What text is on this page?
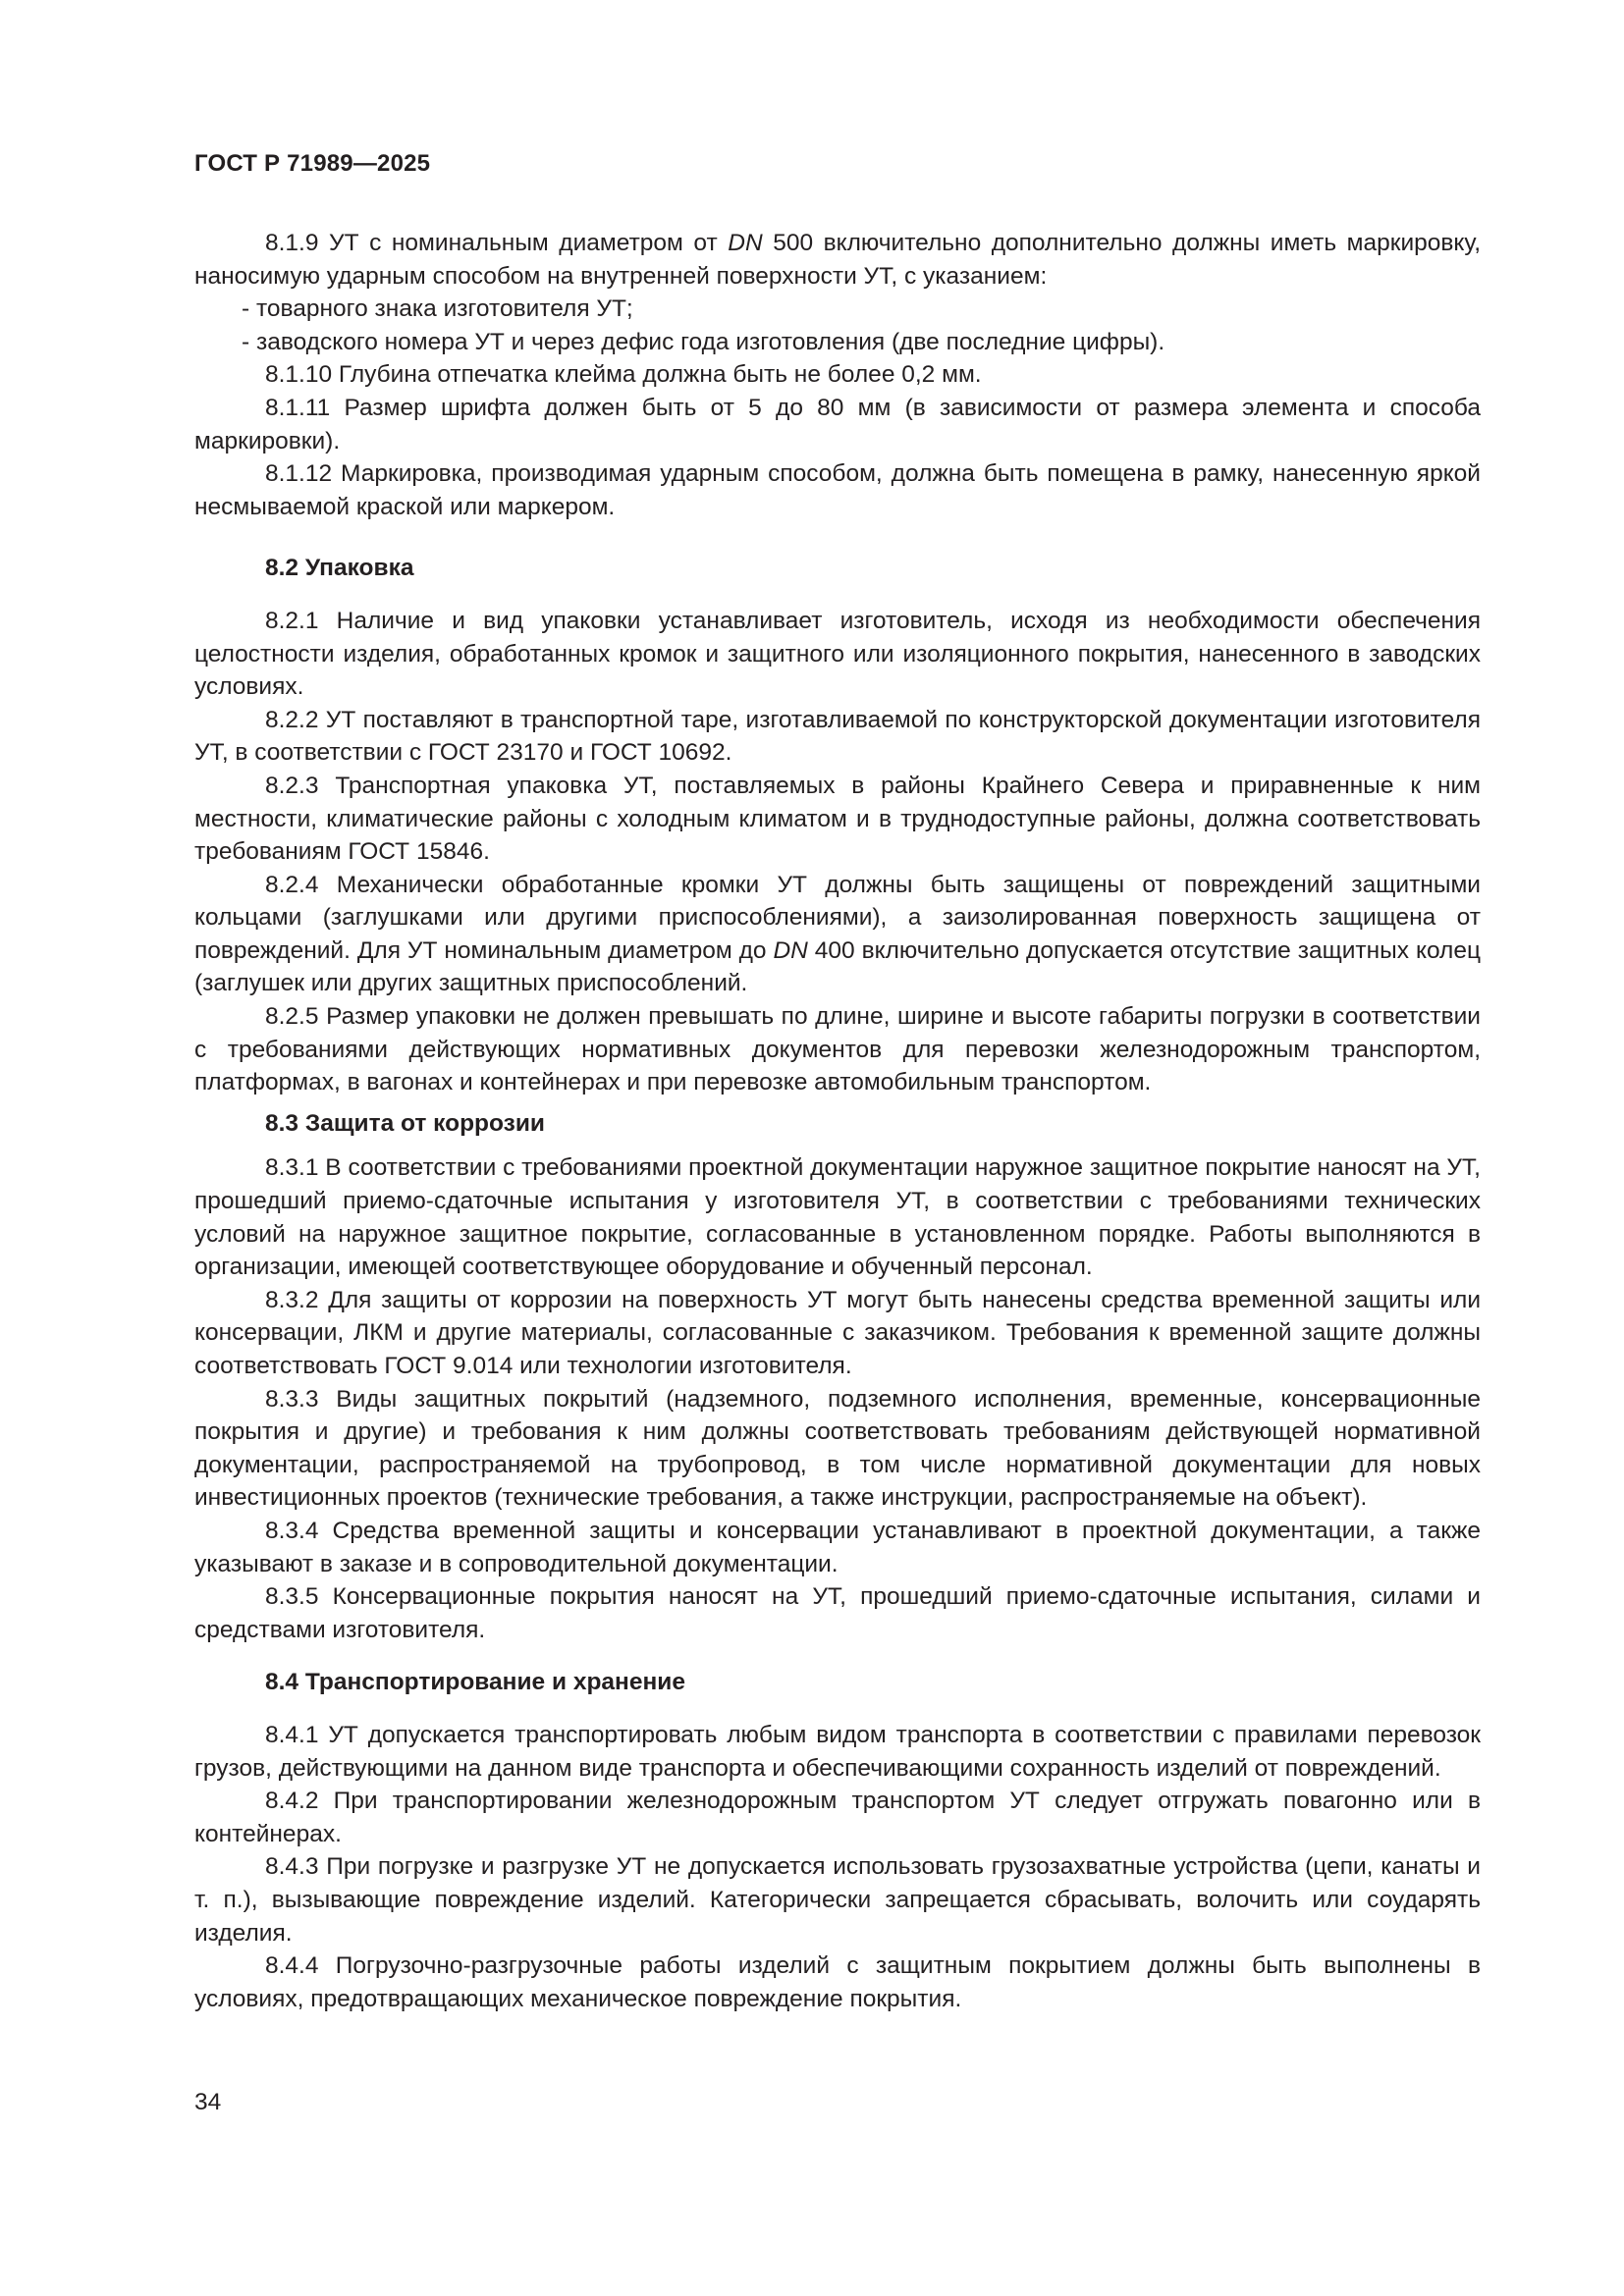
ГОСТ Р 71989—2025
8.1.9 УТ с номинальным диаметром от DN 500 включительно дополнительно должны иметь маркировку, наносимую ударным способом на внутренней поверхности УТ, с указанием:
- товарного знака изготовителя УТ;
- заводского номера УТ и через дефис года изготовления (две последние цифры).
8.1.10 Глубина отпечатка клейма должна быть не более 0,2 мм.
8.1.11 Размер шрифта должен быть от 5 до 80 мм (в зависимости от размера элемента и способа маркировки).
8.1.12 Маркировка, производимая ударным способом, должна быть помещена в рамку, нанесенную яркой несмываемой краской или маркером.
8.2 Упаковка
8.2.1 Наличие и вид упаковки устанавливает изготовитель, исходя из необходимости обеспечения целостности изделия, обработанных кромок и защитного или изоляционного покрытия, нанесенного в заводских условиях.
8.2.2 УТ поставляют в транспортной таре, изготавливаемой по конструкторской документации изготовителя УТ, в соответствии с ГОСТ 23170 и ГОСТ 10692.
8.2.3 Транспортная упаковка УТ, поставляемых в районы Крайнего Севера и приравненные к ним местности, климатические районы с холодным климатом и в труднодоступные районы, должна соответствовать требованиям ГОСТ 15846.
8.2.4 Механически обработанные кромки УТ должны быть защищены от повреждений защитными кольцами (заглушками или другими приспособлениями), а заизолированная поверхность защищена от повреждений. Для УТ номинальным диаметром до DN 400 включительно допускается отсутствие защитных колец (заглушек или других защитных приспособлений.
8.2.5 Размер упаковки не должен превышать по длине, ширине и высоте габариты погрузки в соответствии с требованиями действующих нормативных документов для перевозки железнодорожным транспортом, платформах, в вагонах и контейнерах и при перевозке автомобильным транспортом.
8.3 Защита от коррозии
8.3.1 В соответствии с требованиями проектной документации наружное защитное покрытие наносят на УТ, прошедший приемо-сдаточные испытания у изготовителя УТ, в соответствии с требованиями технических условий на наружное защитное покрытие, согласованные в установленном порядке. Работы выполняются в организации, имеющей соответствующее оборудование и обученный персонал.
8.3.2 Для защиты от коррозии на поверхность УТ могут быть нанесены средства временной защиты или консервации, ЛКМ и другие материалы, согласованные с заказчиком. Требования к временной защите должны соответствовать ГОСТ 9.014 или технологии изготовителя.
8.3.3 Виды защитных покрытий (надземного, подземного исполнения, временные, консервационные покрытия и другие) и требования к ним должны соответствовать требованиям действующей нормативной документации, распространяемой на трубопровод, в том числе нормативной документации для новых инвестиционных проектов (технические требования, а также инструкции, распространяемые на объект).
8.3.4 Средства временной защиты и консервации устанавливают в проектной документации, а также указывают в заказе и в сопроводительной документации.
8.3.5 Консервационные покрытия наносят на УТ, прошедший приемо-сдаточные испытания, силами и средствами изготовителя.
8.4 Транспортирование и хранение
8.4.1 УТ допускается транспортировать любым видом транспорта в соответствии с правилами перевозок грузов, действующими на данном виде транспорта и обеспечивающими сохранность изделий от повреждений.
8.4.2 При транспортировании железнодорожным транспортом УТ следует отгружать повагонно или в контейнерах.
8.4.3 При погрузке и разгрузке УТ не допускается использовать грузозахватные устройства (цепи, канаты и т. п.), вызывающие повреждение изделий. Категорически запрещается сбрасывать, волочить или соударять изделия.
8.4.4 Погрузочно-разгрузочные работы изделий с защитным покрытием должны быть выполнены в условиях, предотвращающих механическое повреждение покрытия.
34
